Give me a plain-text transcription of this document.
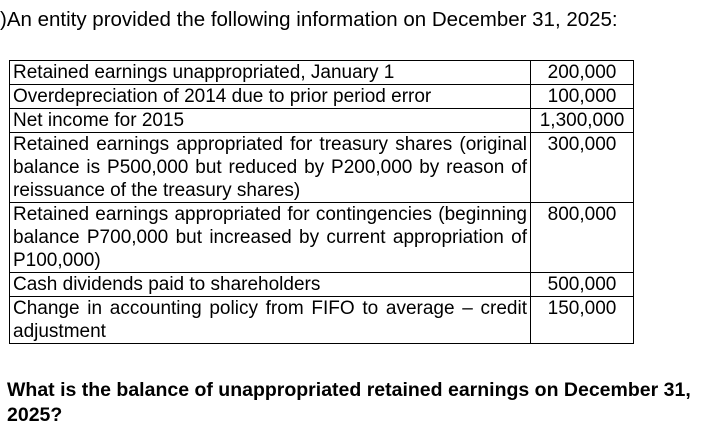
)An entity provided the following information on December 31, 2025:
Retained earnings unappropriated, January 1	200,000
Overdepreciation of 2014 due to prior period error	100,000
Net income for 2015	1,300,000
Retained earnings appropriated for treasury shares (original balance is P500,000 but reduced by P200,000 by reason of reissuance of the treasury shares)	300,000
Retained earnings appropriated for contingencies (beginning balance P700,000 but increased by current appropriation of P100,000)	800,000
Cash dividends paid to shareholders	500,000
Change in accounting policy from FIFO to average – credit adjustment	150,000
What is the balance of unappropriated retained earnings on December 31, 2025?
